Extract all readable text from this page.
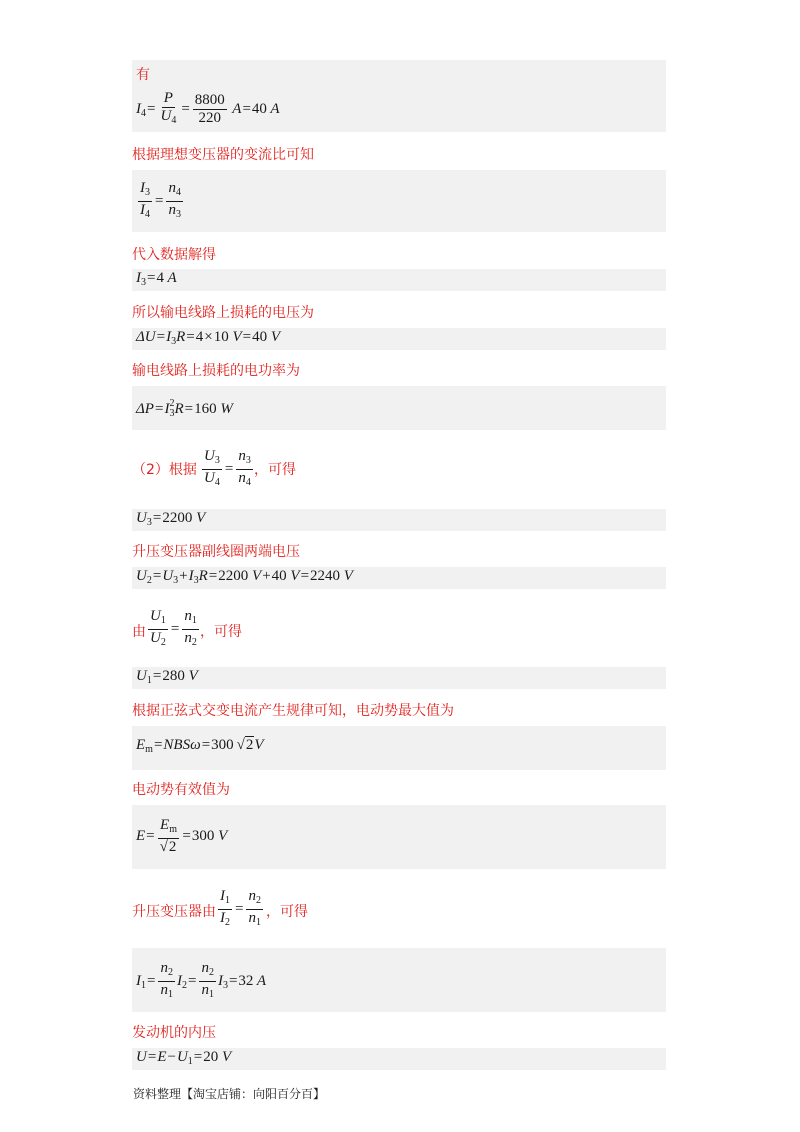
有
$I_4= \frac{P}{U_4} = \frac{8800}{220} A=40$ A
根据理想变压器的变流比可知
$\frac{I_3}{I_4} = \frac{n_4}{n_3}$
代入数据解得
$I_3=4$ A
所以输电线路上损耗的电压为
$\Delta U=I_3R=4\times 10$ V=40 V
输电线路上损耗的电功率为
$\Delta P=I_3^2R=160$ W
（2）根据 $\frac{U_3}{U_4} = \frac{n_3}{n_4}$ ，可得
$U_3=2200$ V
升压变压器副线圈两端电压
$U_2=U_3+I_3R=2200$ V+40 V=2240 V
由 $\frac{U_1}{U_2} = \frac{n_1}{n_2}$ ，可得
$U_1=280$ V
根据正弦式交变电流产生规律可知，电动势最大值为
$E_m=NBS\omega=300$ √2V
电动势有效值为
$E= \frac{E_m}{√2} =300$ V
升压变压器由 $\frac{I_1}{I_2} = \frac{n_2}{n_1}$ ，可得
$I_1= \frac{n_2}{n_1} I_2= \frac{n_2}{n_1} I_3=32$ A
发动机的内压
$U=E-U_1=20$ V
资料整理【淘宝店铺：向阳百分百】
